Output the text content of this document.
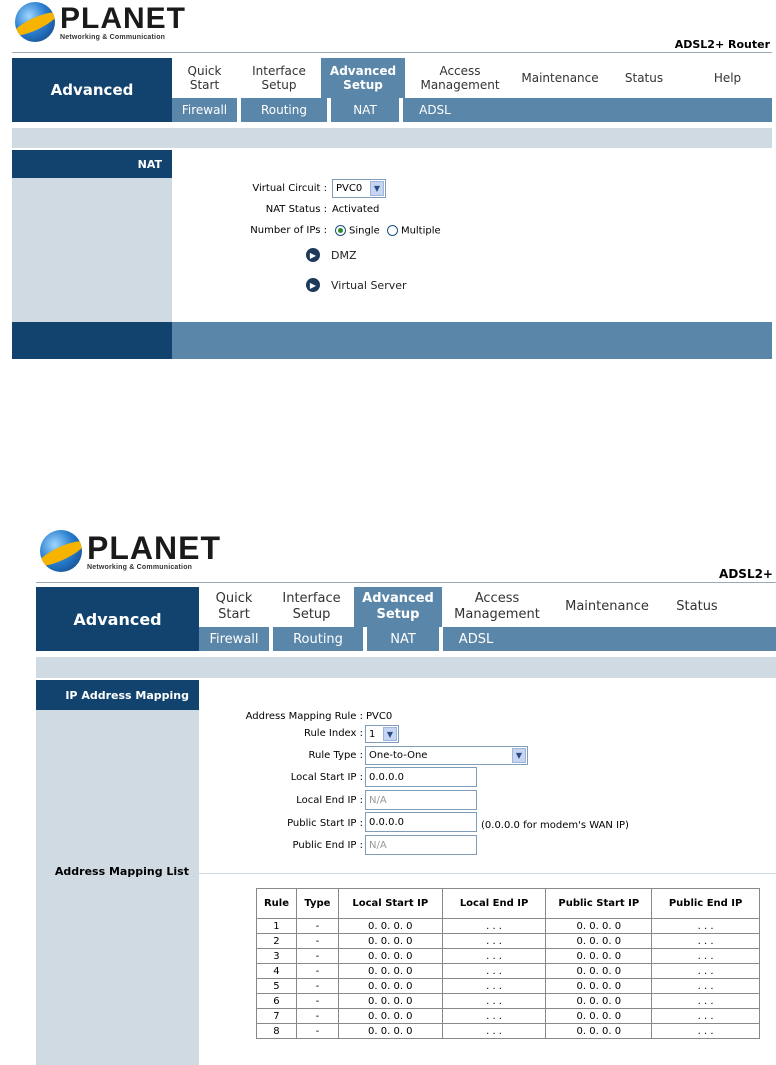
PLANET
Networking & Communication
ADSL2+ Router
Advanced
Quick
Start
Interface
Setup
Advanced
Setup
Access
Management
Maintenance Status	Help
Firewall	Routing	NAT	ADSL
NAT
Virtual Circuit : PVC0	▼
NAT Status : Activated
Number of IPs :	Single Multiple
▶	DMZ
▶	Virtual Server
PLANET
Networking & Communication	ADSL2+
Advanced
Quick
Start
Interface
Setup
Advanced
Setup
Access
Management
Maintenance Status
Firewall	Routing	NAT	ADSL
IP Address Mapping
Address Mapping List
Address Mapping Rule : PVC0
Rule Index : 1	▼
Rule Type : One-to-One	▼
Local Start IP : 0.0.0.0
Local End IP : N/A
Public Start IP : 0.0.0.0	(0.0.0.0 for modem's WAN IP)
Public End IP : N/A
Rule	Type	Local Start IP	Local End IP	Public Start IP	Public End IP
1	-	0. 0. 0. 0	. . .	0. 0. 0. 0	. . .
2	-	0. 0. 0. 0	. . .	0. 0. 0. 0	. . .
3	-	0. 0. 0. 0	. . .	0. 0. 0. 0	. . .
4	-	0. 0. 0. 0	. . .	0. 0. 0. 0	. . .
5	-	0. 0. 0. 0	. . .	0. 0. 0. 0	. . .
6	-	0. 0. 0. 0	. . .	0. 0. 0. 0	. . .
7	-	0. 0. 0. 0	. . .	0. 0. 0. 0	. . .
8	-	0. 0. 0. 0	. . .	0. 0. 0. 0	. . .
